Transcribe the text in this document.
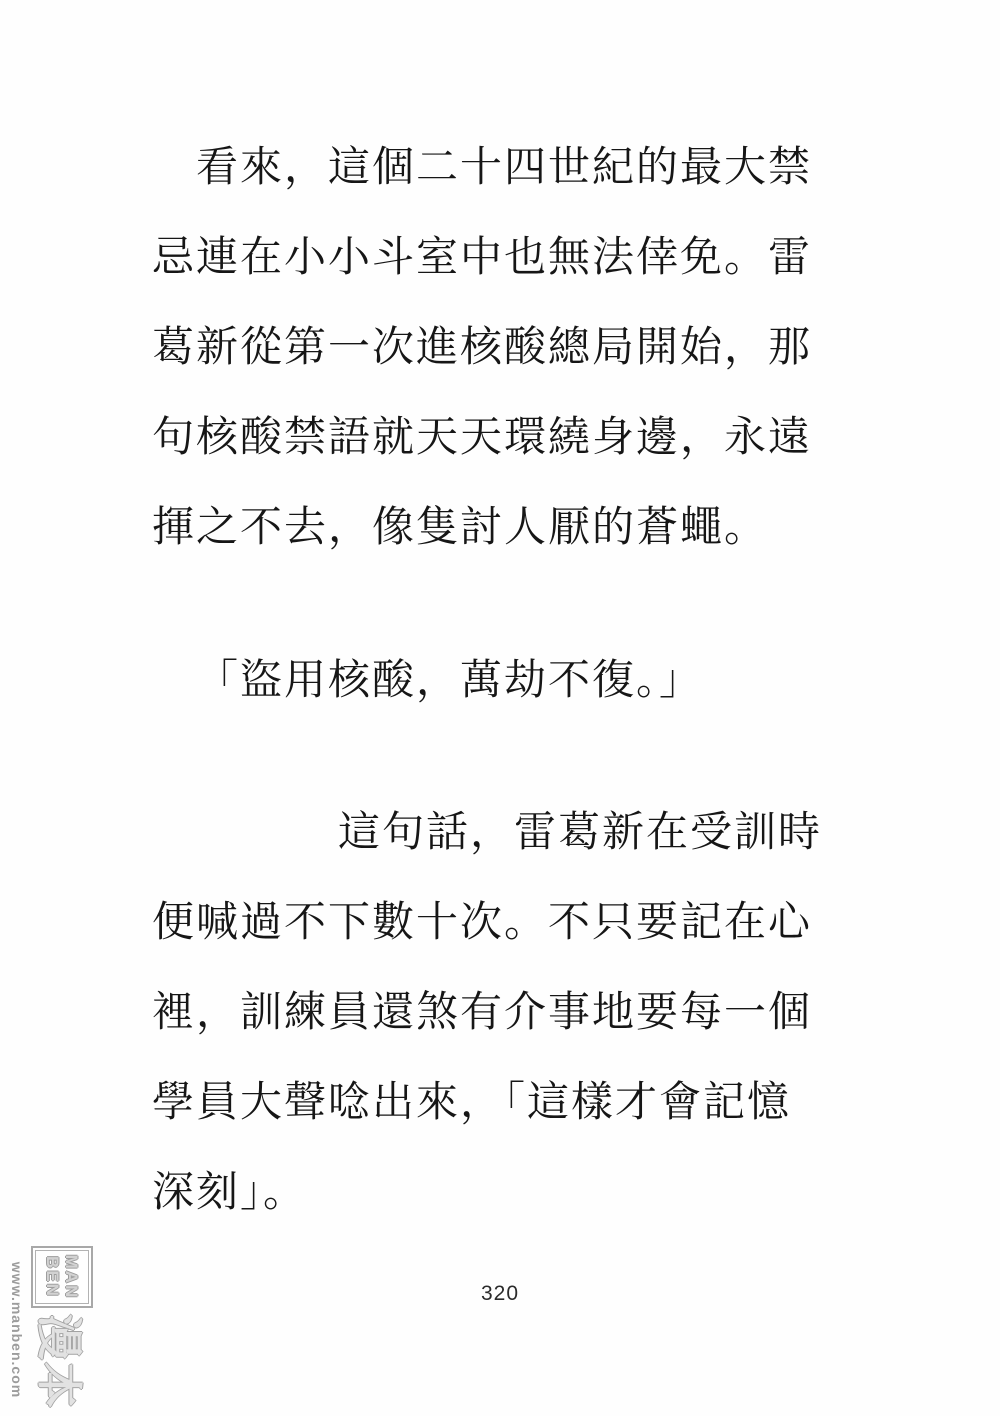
看來，這個二十四世紀的最大禁
忌連在小小斗室中也無法倖免。雷
葛新從第一次進核酸總局開始，那
句核酸禁語就天天環繞身邊，永遠
揮之不去，像隻討人厭的蒼蠅。
「盜用核酸，萬劫不復。」
這句話，雷葛新在受訓時
便喊過不下數十次。不只要記在心
裡，訓練員還煞有介事地要每一個
學員大聲唸出來，「這樣才會記憶
深刻」。
320
MAN
BEN
漫本
www.manben.com
